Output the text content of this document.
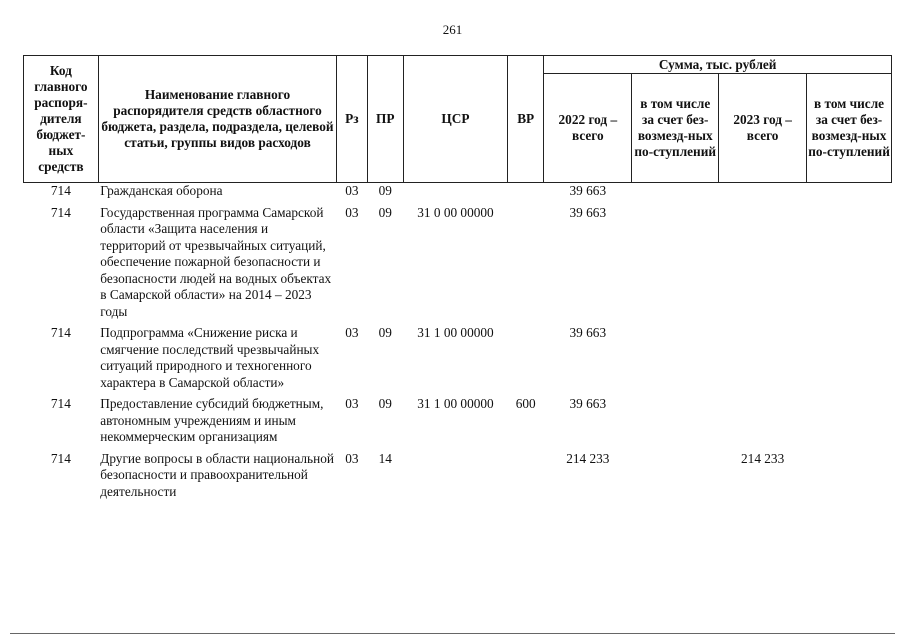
261
Код главного распоря-дителя бюджет-ных средств	Наименование главного распорядителя средств областного бюджета, раздела, подраздела, целевой статьи, группы видов расходов	Рз	ПР	ЦСР	ВР	Сумма, тыс. рублей			
						2022 год – всего	в том числе за счет без-возмезд-ных по-ступлений	2023 год – всего	в том числе за счет без-возмезд-ных по-ступлений
714	Гражданская оборона	03	09			39 663			
714	Государственная программа Самарской области «Защита населения и территорий от чрезвычайных ситуаций, обеспечение пожарной безопасности и безопасности людей на водных объектах в Самарской области» на 2014 – 2023 годы	03	09	31 0 00 00000		39 663			
714	Подпрограмма «Снижение риска и смягчение последствий чрезвычайных ситуаций природного и техногенного характера в Самарской области»	03	09	31 1 00 00000		39 663			
714	Предоставление субсидий бюджетным, автономным учреждениям и иным некоммерческим организациям	03	09	31 1 00 00000	600	39 663			
714	Другие вопросы в области национальной безопасности и правоохранительной деятельности	03	14			214 233		214 233	
